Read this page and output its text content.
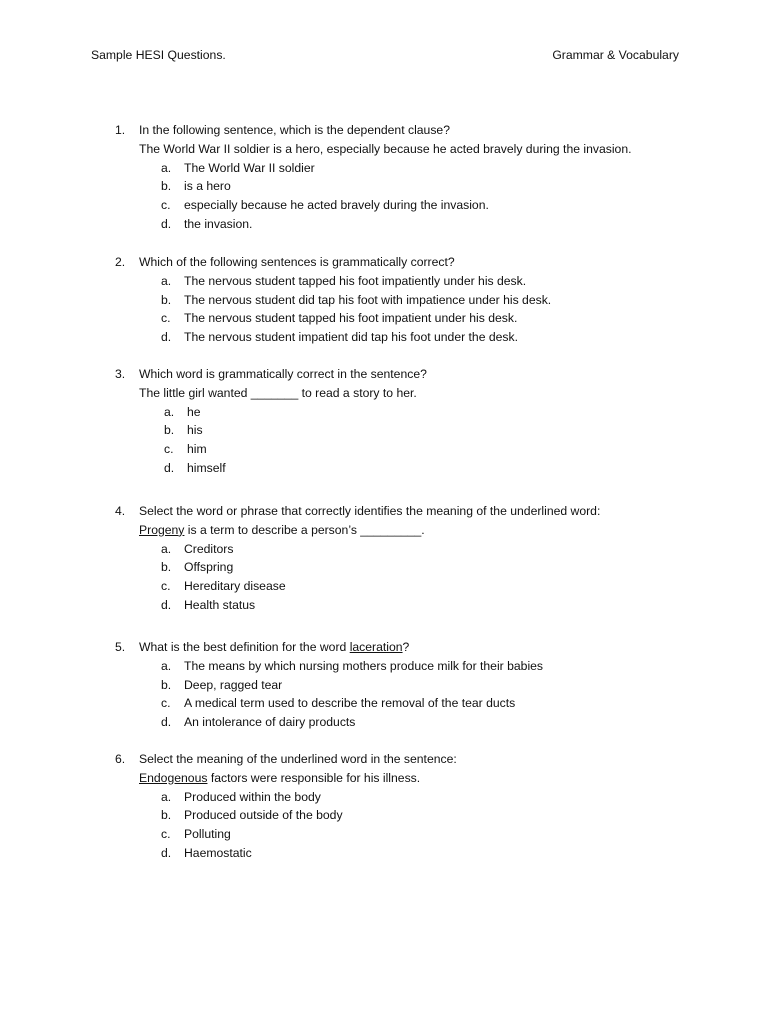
Sample HESI Questions.	Grammar & Vocabulary
1. In the following sentence, which is the dependent clause?
The World War II soldier is a hero, especially because he acted bravely during the invasion.
a. The World War II soldier
b. is a hero
c. especially because he acted bravely during the invasion.
d. the invasion.
2. Which of the following sentences is grammatically correct?
a. The nervous student tapped his foot impatiently under his desk.
b. The nervous student did tap his foot with impatience under his desk.
c. The nervous student tapped his foot impatient under his desk.
d. The nervous student impatient did tap his foot under the desk.
3. Which word is grammatically correct in the sentence?
The little girl wanted _______ to read a story to her.
a. he
b. his
c. him
d. himself
4. Select the word or phrase that correctly identifies the meaning of the underlined word:
Progeny is a term to describe a person’s _________.
a. Creditors
b. Offspring
c. Hereditary disease
d. Health status
5. What is the best definition for the word laceration?
a. The means by which nursing mothers produce milk for their babies
b. Deep, ragged tear
c. A medical term used to describe the removal of the tear ducts
d. An intolerance of dairy products
6. Select the meaning of the underlined word in the sentence:
Endogenous factors were responsible for his illness.
a. Produced within the body
b. Produced outside of the body
c. Polluting
d. Haemostatic
